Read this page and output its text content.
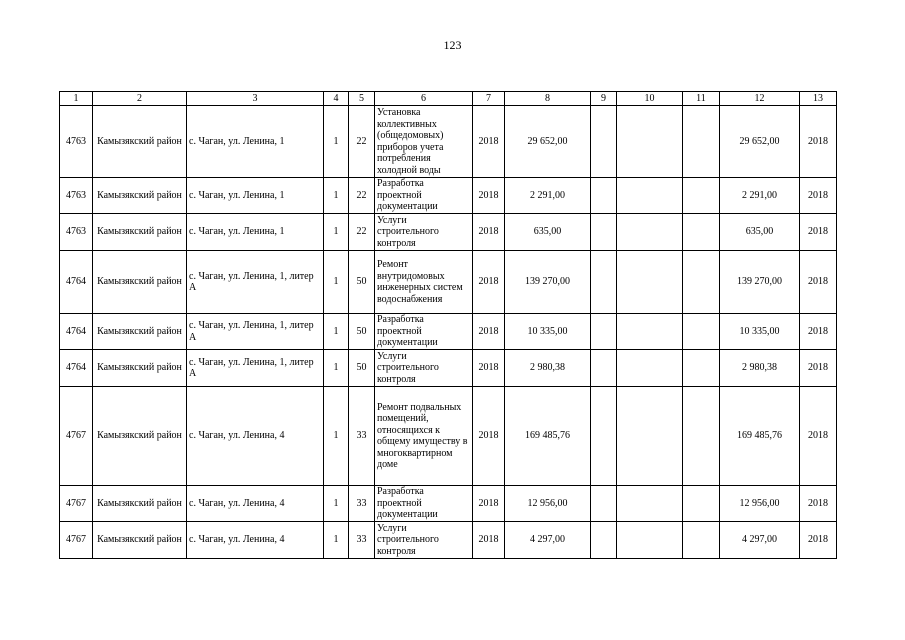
123
1	2	3	4	5	6	7	8	9	10	11	12	13
4763	Камызякский район	с. Чаган, ул. Ленина, 1	1	22	Установка коллективных (общедомовых) приборов учета потребления холодной воды	2018	29 652,00				29 652,00	2018
4763	Камызякский район	с. Чаган, ул. Ленина, 1	1	22	Разработка проектной документации	2018	2 291,00				2 291,00	2018
4763	Камызякский район	с. Чаган, ул. Ленина, 1	1	22	Услуги строительного контроля	2018	635,00				635,00	2018
4764	Камызякский район	с. Чаган, ул. Ленина, 1, литер А	1	50	Ремонт внутридомовых инженерных систем водоснабжения	2018	139 270,00				139 270,00	2018
4764	Камызякский район	с. Чаган, ул. Ленина, 1, литер А	1	50	Разработка проектной документации	2018	10 335,00				10 335,00	2018
4764	Камызякский район	с. Чаган, ул. Ленина, 1, литер А	1	50	Услуги строительного контроля	2018	2 980,38				2 980,38	2018
4767	Камызякский район	с. Чаган, ул. Ленина, 4	1	33	Ремонт подвальных помещений, относящихся к общему имуществу в многоквартирном доме	2018	169 485,76				169 485,76	2018
4767	Камызякский район	с. Чаган, ул. Ленина, 4	1	33	Разработка проектной документации	2018	12 956,00				12 956,00	2018
4767	Камызякский район	с. Чаган, ул. Ленина, 4	1	33	Услуги строительного контроля	2018	4 297,00				4 297,00	2018
